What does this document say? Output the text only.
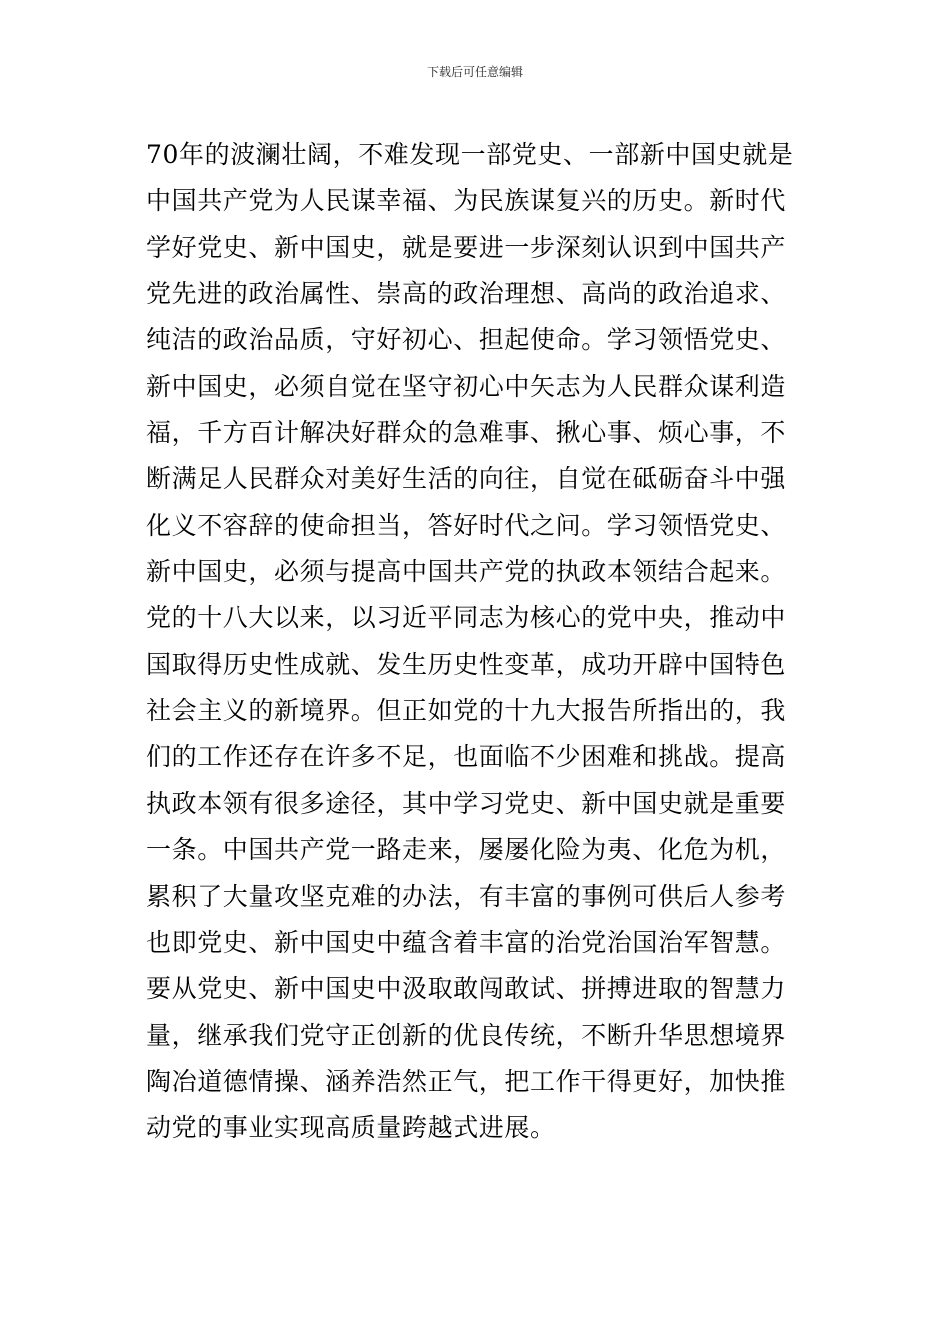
下载后可任意编辑
70年的波澜壮阔，不难发现一部党史、一部新中国史就是
中国共产党为人民谋幸福、为民族谋复兴的历史。新时代
学好党史、新中国史，就是要进一步深刻认识到中国共产
党先进的政治属性、崇高的政治理想、高尚的政治追求、
纯洁的政治品质，守好初心、担起使命。学习领悟党史、
新中国史，必须自觉在坚守初心中矢志为人民群众谋利造
福，千方百计解决好群众的急难事、揪心事、烦心事，不
断满足人民群众对美好生活的向往，自觉在砥砺奋斗中强
化义不容辞的使命担当，答好时代之问。学习领悟党史、
新中国史，必须与提高中国共产党的执政本领结合起来。
党的十八大以来，以习近平同志为核心的党中央，推动中
国取得历史性成就、发生历史性变革，成功开辟中国特色
社会主义的新境界。但正如党的十九大报告所指出的，我
们的工作还存在许多不足，也面临不少困难和挑战。提高
执政本领有很多途径，其中学习党史、新中国史就是重要
一条。中国共产党一路走来，屡屡化险为夷、化危为机，
累积了大量攻坚克难的办法，有丰富的事例可供后人参考
也即党史、新中国史中蕴含着丰富的治党治国治军智慧。
要从党史、新中国史中汲取敢闯敢试、拼搏进取的智慧力
量，继承我们党守正创新的优良传统，不断升华思想境界
陶冶道德情操、涵养浩然正气，把工作干得更好，加快推
动党的事业实现高质量跨越式进展。
